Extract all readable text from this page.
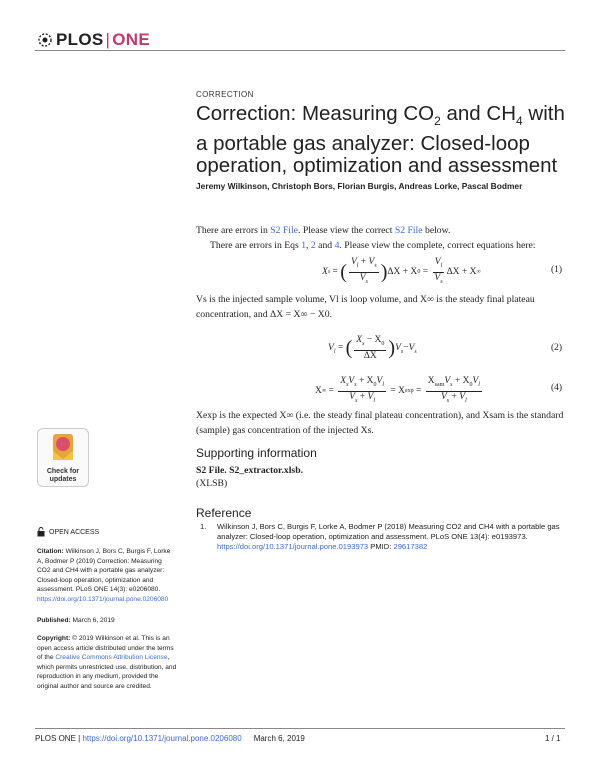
PLOS | ONE
CORRECTION
Correction: Measuring $CO_2$ and $CH_4$ with a portable gas analyzer: Closed-loop operation, optimization and assessment
Jeremy Wilkinson, Christoph Bors, Florian Burgis, Andreas Lorke, Pascal Bodmer
There are errors in S2 File. Please view the correct S2 File below.
There are errors in Eqs 1, 2 and 4. Please view the complete, correct equations here:
X s = ( $\frac{V_l + V_s}{V_s}$ ) ΔX + X $0 = \frac{V_l}{V_s}$ ΔX + X ∞	(1)
Vs is the injected sample volume, Vl is loop volume, and X∞ is the steady final plateau concentration, and ΔX = X∞ − X0.
$V_l$ = ( $\frac{X_s - X_0}{\Delta X}$ ) $V_s - V_s$	(2)
X ∞ = $\frac{X_sV_s + X_0V_l}{V_s + V_l} = X$ $\exp = \frac{X_{sam}V_s + X_0V_l}{V_s + V_l}$	(4)
Xexp is the expected X∞ (i.e. the steady final plateau concentration), and Xsam is the standard (sample) gas concentration of the injected Xs.
Supporting information
S2 File. S2_extractor.xlsb.
(XLSB)
Reference
1. Wilkinson J, Bors C, Burgis F, Lorke A, Bodmer P (2018) Measuring CO2 and CH4 with a portable gas analyzer: Closed-loop operation, optimization and assessment. PLoS ONE 13(4): e0193973. https://doi.org/10.1371/journal.pone.0193973 PMID: 29617382
Check for updates
OPEN ACCESS
Citation: Wilkinson J, Bors C, Burgis F, Lorke A, Bodmer P (2019) Correction: Measuring CO2 and CH4 with a portable gas analyzer: Closed-loop operation, optimization and assessment. PLoS ONE 14(3): e0206080. https://doi.org/10.1371/journal.pone.0206080
Published: March 6, 2019
Copyright: © 2019 Wilkinson et al. This is an open access article distributed under the terms of the Creative Commons Attribution License, which permits unrestricted use, distribution, and reproduction in any medium, provided the original author and source are credited.
PLOS ONE | https://doi.org/10.1371/journal.pone.0206080 March 6, 2019	1 / 1
